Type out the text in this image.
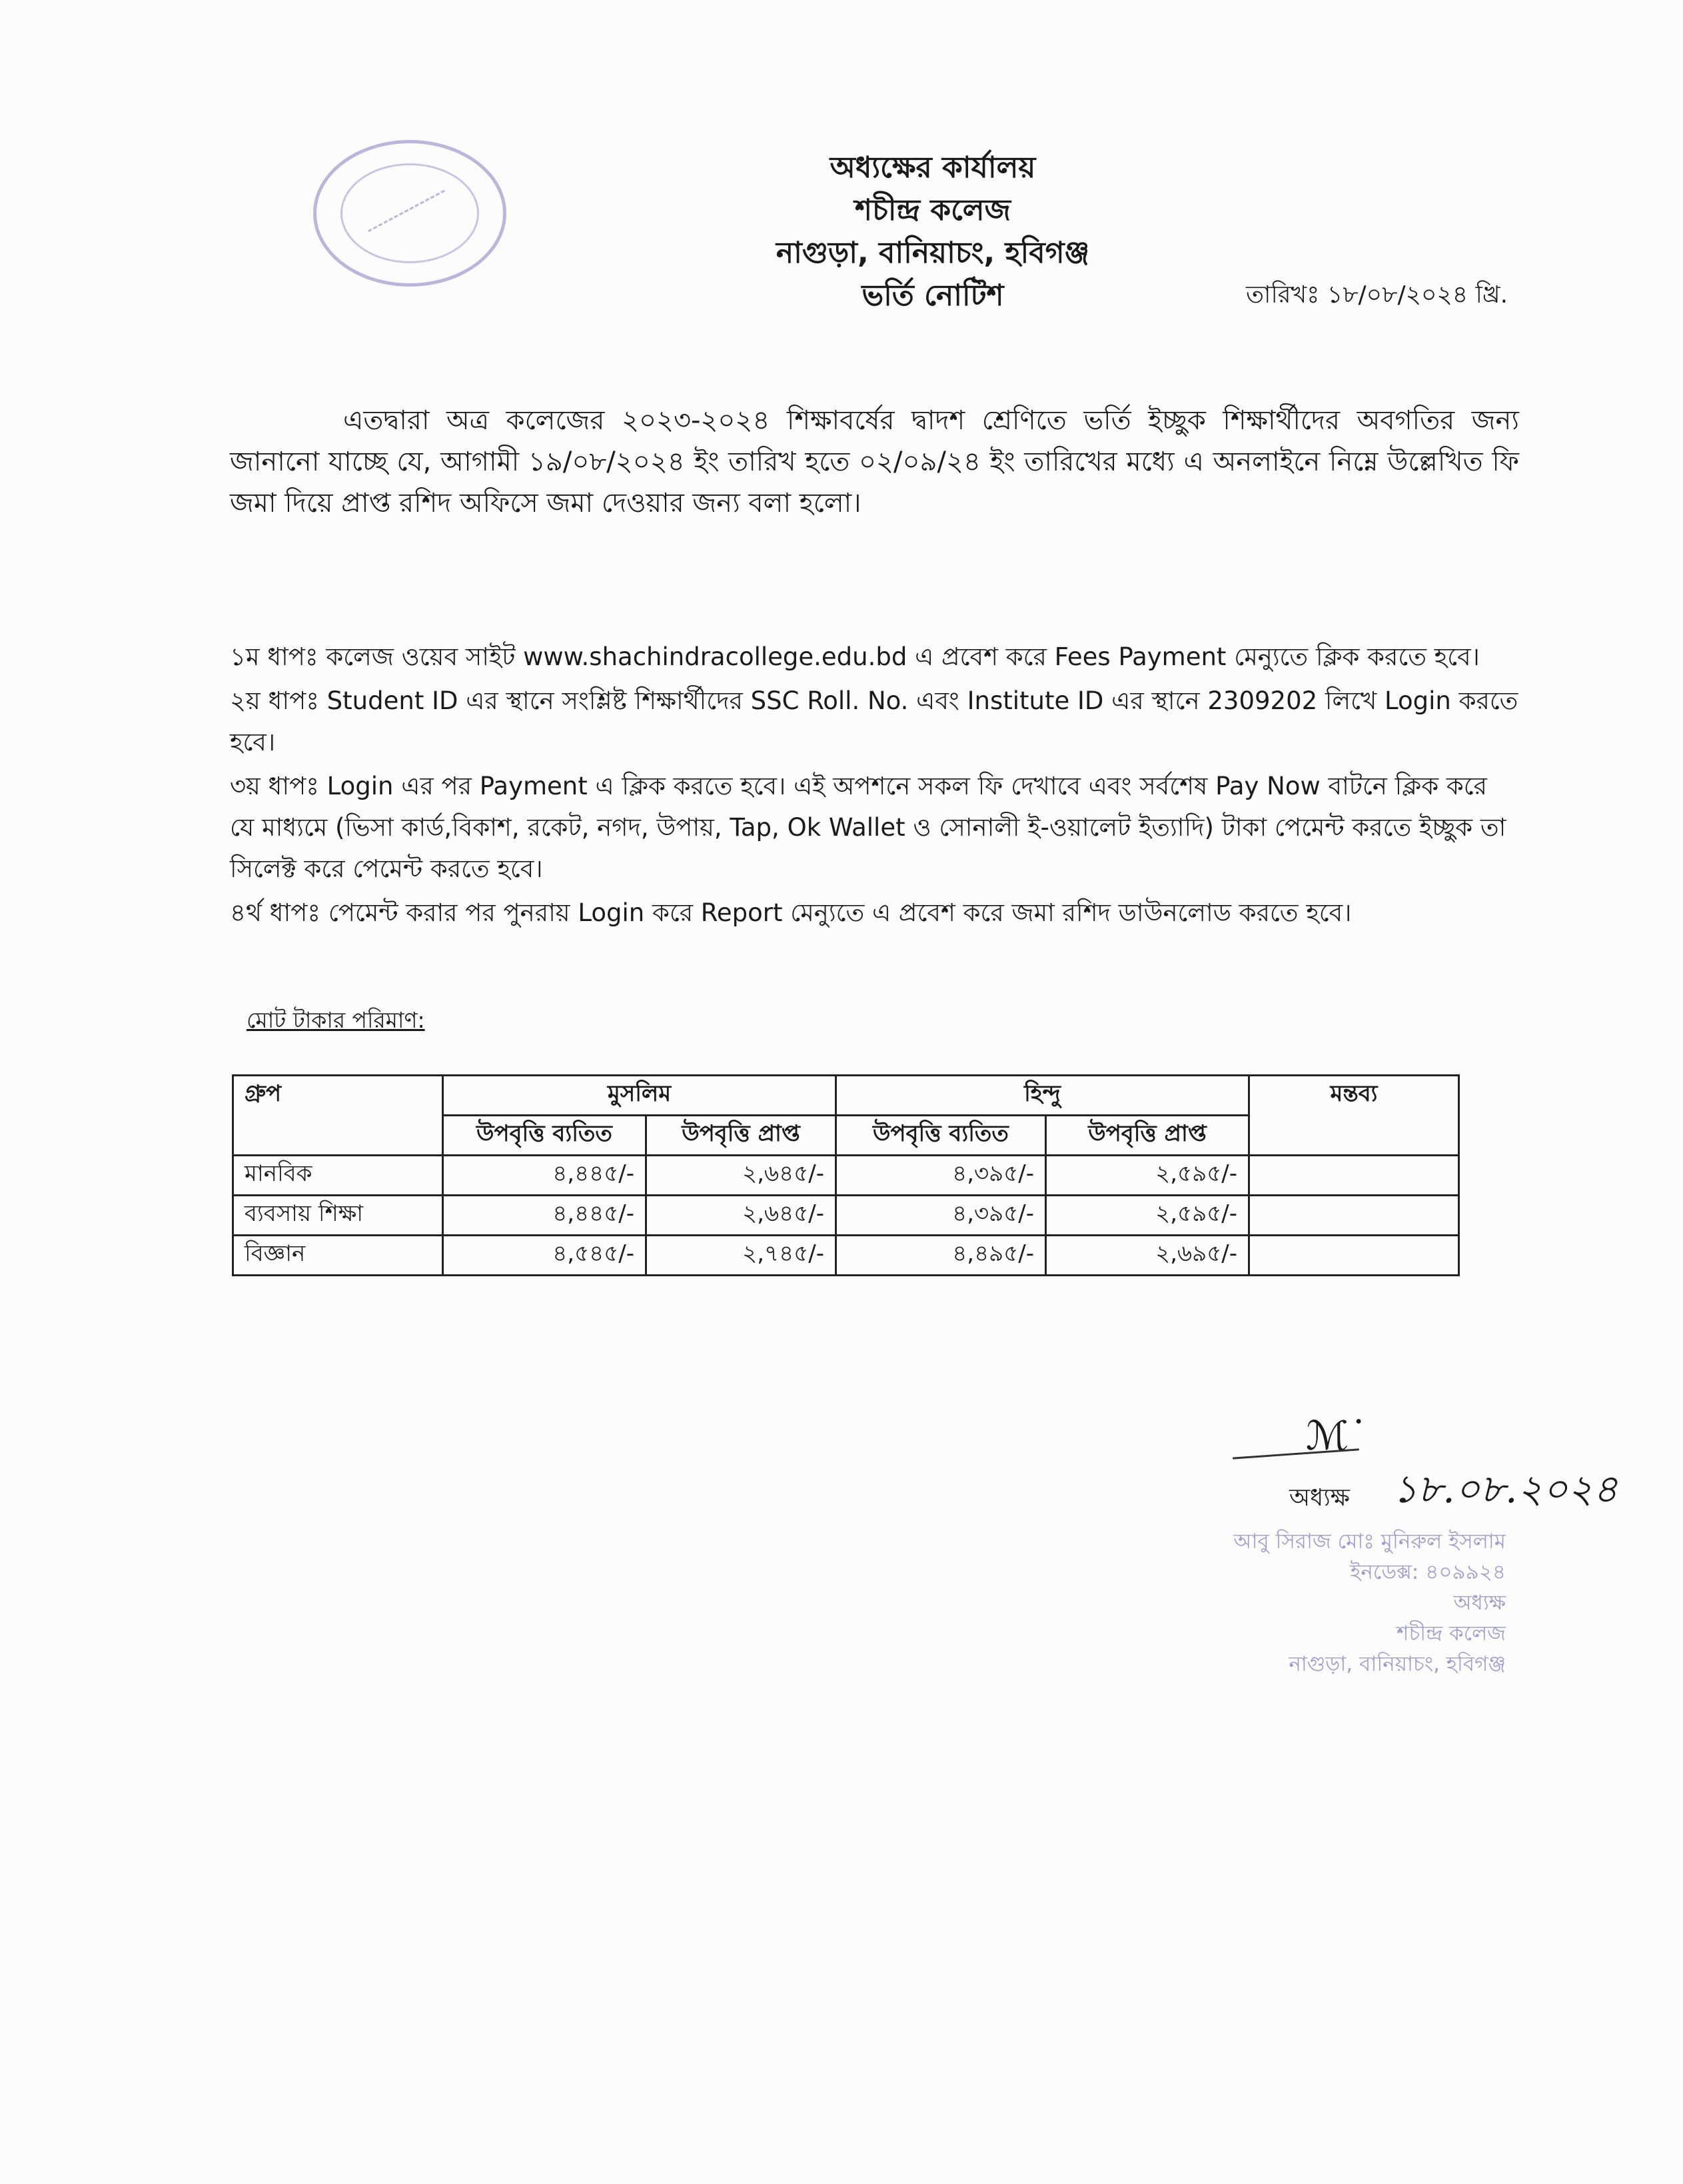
অধ্যক্ষের কার্যালয়
শচীন্দ্র কলেজ
নাগুড়া, বানিয়াচং, হবিগঞ্জ
ভর্তি নোটিশ	তারিখঃ ১৮/০৮/২০২৪ খ্রি.
এতদ্বারা অত্র কলেজের ২০২৩-২০২৪ শিক্ষাবর্ষের দ্বাদশ শ্রেণিতে ভর্তি ইচ্ছুক শিক্ষার্থীদের অবগতির জন্য জানানো যাচ্ছে যে, আগামী ১৯/০৮/২০২৪ ইং তারিখ হতে ০২/০৯/২৪ ইং তারিখের মধ্যে এ অনলাইনে নিম্নে উল্লেখিত ফি জমা দিয়ে প্রাপ্ত রশিদ অফিসে জমা দেওয়ার জন্য বলা হলো।
১ম ধাপঃ কলেজ ওয়েব সাইট www.shachindracollege.edu.bd এ প্রবেশ করে Fees Payment মেন্যুতে ক্লিক করতে হবে।
২য় ধাপঃ Student ID এর স্থানে সংশ্লিষ্ট শিক্ষার্থীদের SSC Roll. No. এবং Institute ID এর স্থানে 2309202 লিখে Login করতে হবে।
৩য় ধাপঃ Login এর পর Payment এ ক্লিক করতে হবে। এই অপশনে সকল ফি দেখাবে এবং সর্বশেষ Pay Now বাটনে ক্লিক করে যে মাধ্যমে (ভিসা কার্ড,বিকাশ, রকেট, নগদ, উপায়, Tap, Ok Wallet ও সোনালী ই-ওয়ালেট ইত্যাদি) টাকা পেমেন্ট করতে ইচ্ছুক তা সিলেক্ট করে পেমেন্ট করতে হবে।
৪র্থ ধাপঃ পেমেন্ট করার পর পুনরায় Login করে Report মেন্যুতে এ প্রবেশ করে জমা রশিদ ডাউনলোড করতে হবে।
মোট টাকার পরিমাণ:
গ্রুপ	মুসলিম		হিন্দু		মন্তব্য
	উপবৃত্তি ব্যতিত	উপবৃত্তি প্রাপ্ত	উপবৃত্তি ব্যতিত	উপবৃত্তি প্রাপ্ত	
মানবিক	৪,৪৪৫/-	২,৬৪৫/-	৪,৩৯৫/-	২,৫৯৫/-	
ব্যবসায় শিক্ষা	৪,৪৪৫/-	২,৬৪৫/-	৪,৩৯৫/-	২,৫৯৫/-	
বিজ্ঞান	৪,৫৪৫/-	২,৭৪৫/-	৪,৪৯৫/-	২,৬৯৫/-	
ℳ˙
১৮.০৮.২০২৪
অধ্যক্ষ
আবু সিরাজ মোঃ মুনিরুল ইসলাম
ইনডেক্স: ৪০৯৯২৪
অধ্যক্ষ
শচীন্দ্র কলেজ
নাগুড়া, বানিয়াচং, হবিগঞ্জ
